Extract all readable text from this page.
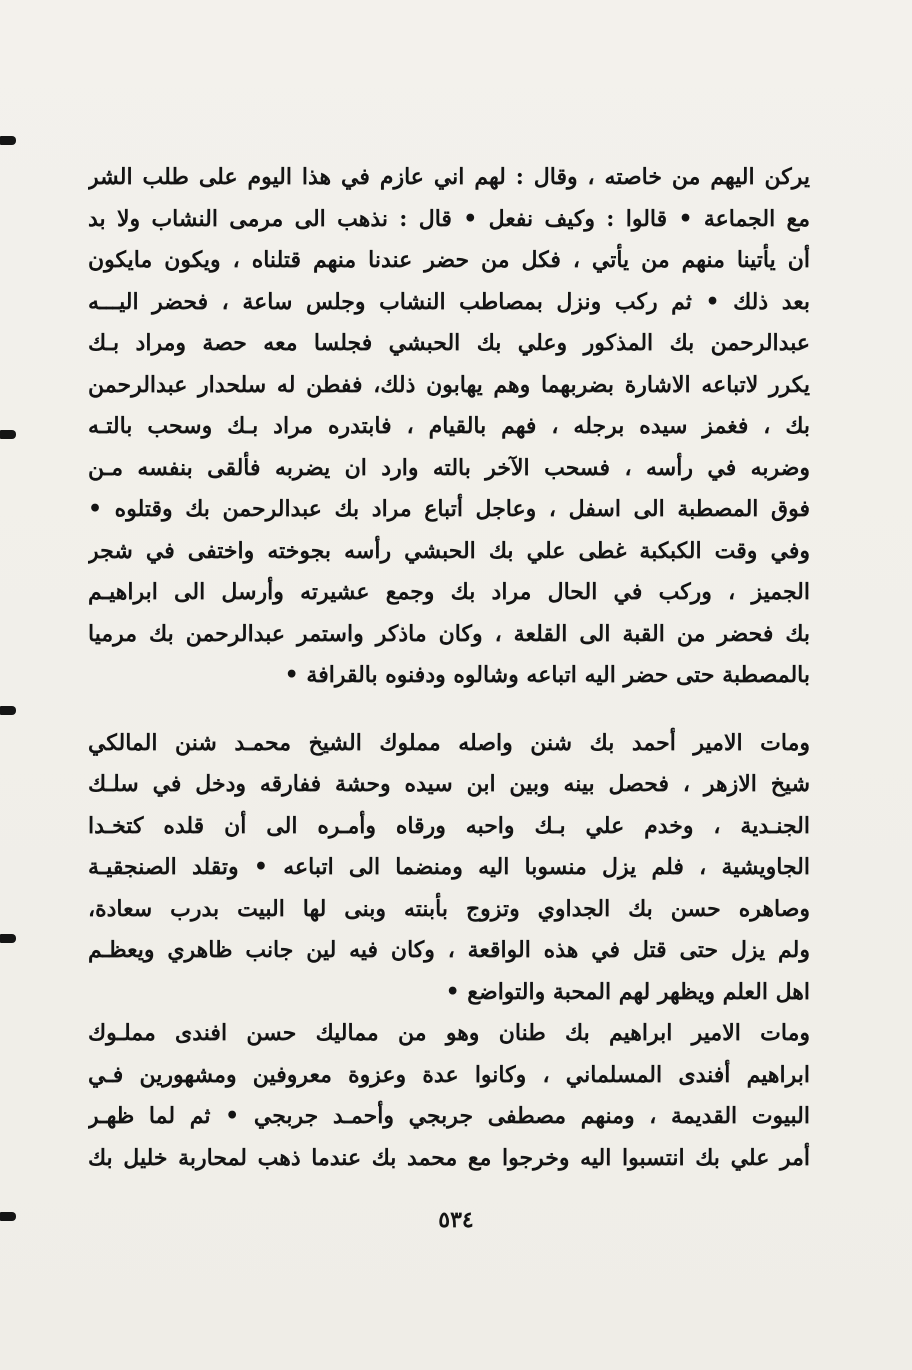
يركن اليهم من خاصته ، وقال : لهم اني عازم في هذا اليوم على طلب الشر
مع الجماعة • قالوا : وكيف نفعل • قال : نذهب الى مرمى النشاب ولا بد
أن يأتينا منهم من يأتي ، فكل من حضر عندنا منهم قتلناه ، ويكون مايكون
بعد ذلك • ثم ركب ونزل بمصاطب النشاب وجلس ساعة ، فحضر اليـــه
عبدالرحمن بك المذكور وعلي بك الحبشي فجلسا معه حصة ومراد بـك
يكرر لاتباعه الاشارة بضربهما وهم يهابون ذلك، ففطن له سلحدار عبدالرحمن
بك ، فغمز سيده برجله ، فهم بالقيام ، فابتدره مراد بـك وسحب بالتـه
وضربه في رأسه ، فسحب الآخر بالته وارد ان يضربه فألقى بنفسه مـن
فوق المصطبة الى اسفل ، وعاجل أتباع مراد بك عبدالرحمن بك وقتلوه •
وفي وقت الكبكبة غطى علي بك الحبشي رأسه بجوخته واختفى في شجر
الجميز ، وركب في الحال مراد بك وجمع عشيرته وأرسل الى ابراهيـم
بك فحضر من القبة الى القلعة ، وكان ماذكر واستمر عبدالرحمن بك مرميا
بالمصطبة حتى حضر اليه اتباعه وشالوه ودفنوه بالقرافة •
ومات الامير أحمد بك شنن واصله مملوك الشيخ محمـد شنن المالكي
شيخ الازهر ، فحصل بينه وبين ابن سيده وحشة ففارقه ودخل في سلـك
الجنـدية ، وخدم علي بـك واحبه ورقاه وأمـره الى أن قلده كتخـدا
الجاويشية ، فلم يزل منسوبا اليه ومنضما الى اتباعه • وتقلد الصنجقيـة
وصاهره حسن بك الجداوي وتزوج بأبنته وبنى لها البيت بدرب سعادة،
ولم يزل حتى قتل في هذه الواقعة ، وكان فيه لين جانب ظاهري ويعظـم
اهل العلم ويظهر لهم المحبة والتواضع •
ومات الامير ابراهيم بك طنان وهو من مماليك حسن افندى مملـوك
ابراهيم أفندى المسلماني ، وكانوا عدة وعزوة معروفين ومشهورين فـي
البيوت القديمة ، ومنهم مصطفى جربجي وأحمـد جربجي • ثم لما ظهـر
أمر علي بك انتسبوا اليه وخرجوا مع محمد بك عندما ذهب لمحاربة خليل بك
٥٣٤
